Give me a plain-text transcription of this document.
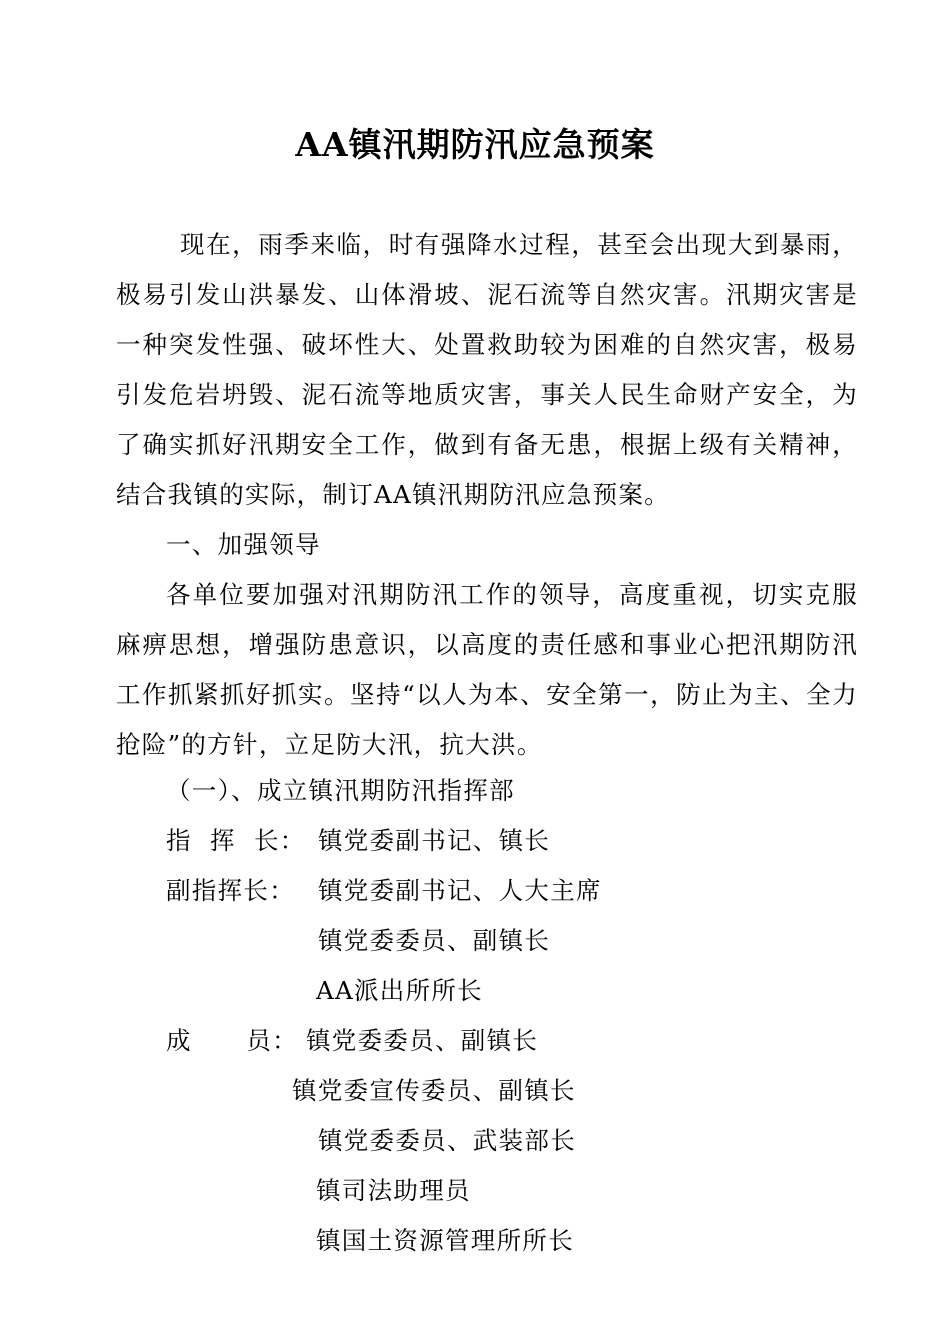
AA镇汛期防汛应急预案
现在，雨季来临，时有强降水过程，甚至会出现大到暴雨，极易引发山洪暴发、山体滑坡、泥石流等自然灾害。汛期灾害是一种突发性强、破坏性大、处置救助较为困难的自然灾害，极易引发危岩坍毁、泥石流等地质灾害，事关人民生命财产安全，为了确实抓好汛期安全工作，做到有备无患，根据上级有关精神，结合我镇的实际，制订AA镇汛期防汛应急预案。
一、加强领导
各单位要加强对汛期防汛工作的领导，高度重视，切实克服麻痹思想，增强防患意识，以高度的责任感和事业心把汛期防汛工作抓紧抓好抓实。坚持“以人为本、安全第一，防止为主、全力抢险”的方针，立足防大汛，抗大洪。
（一）、成立镇汛期防汛指挥部
指  挥  长： 镇党委副书记、镇长
副指挥长： 镇党委副书记、人大主席
镇党委委员、副镇长
AA派出所所长
成      员： 镇党委委员、副镇长
镇党委宣传委员、副镇长
镇党委委员、武装部长
镇司法助理员
镇国土资源管理所所长
